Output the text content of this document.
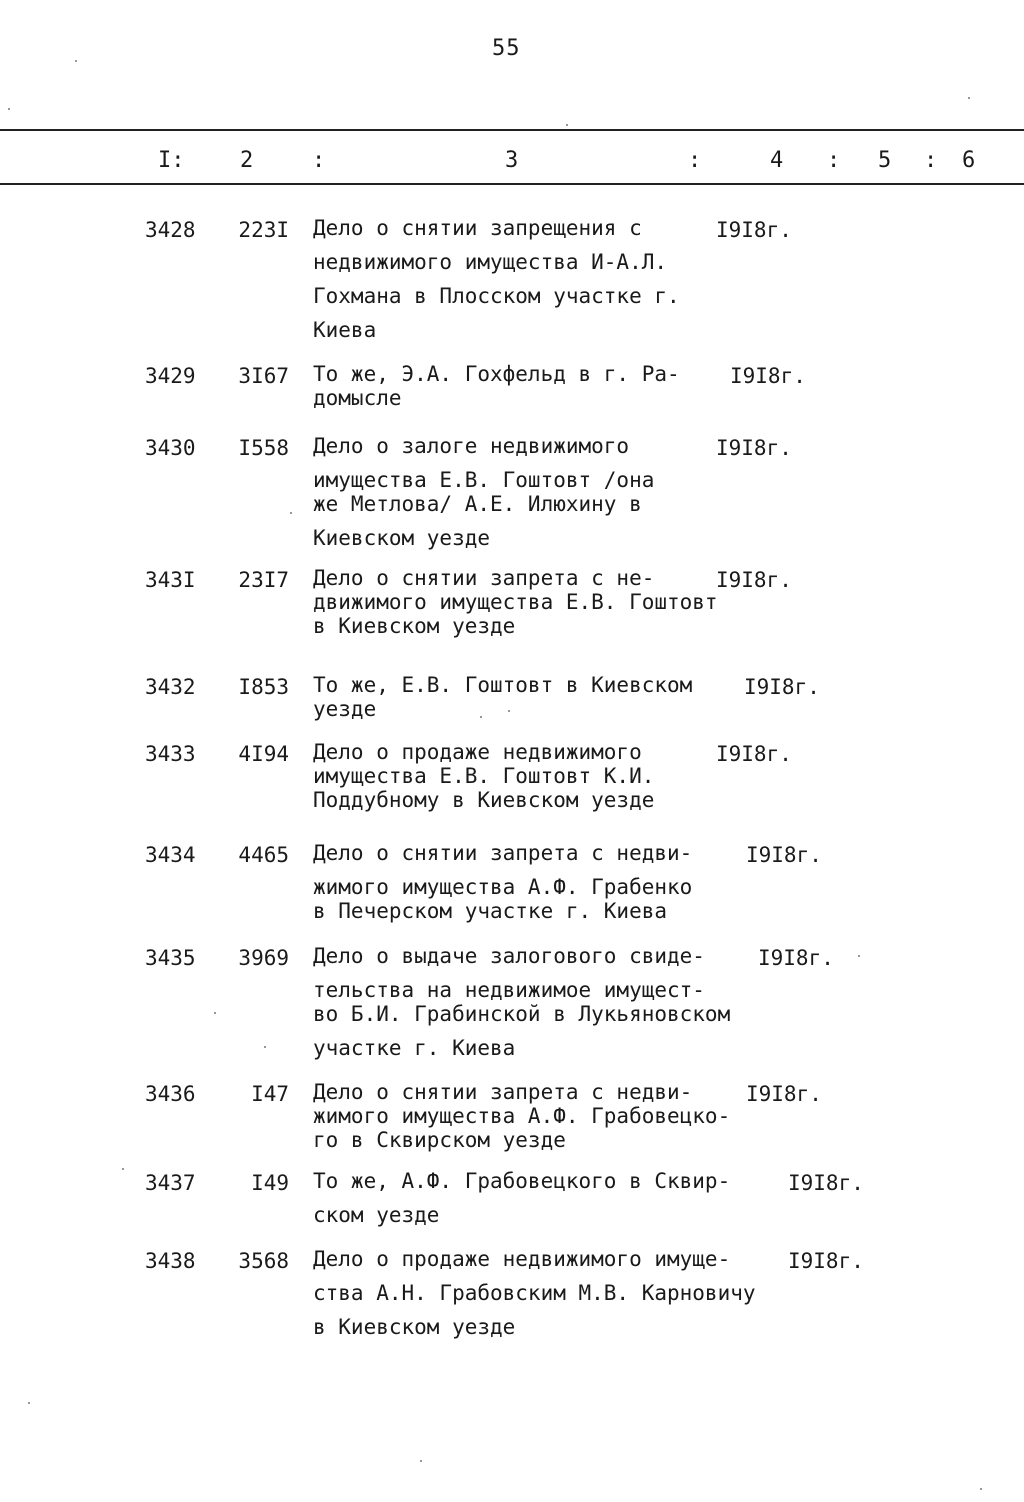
55
I:	2	:	3	:	4 : 5 : 6
3428	223I Дело о снятии запрещения с
недвижимого имущества И-А.Л.
Гохмана в Плосском участке г.
Киева
I9I8г.
3429	3I67 То же, Э.А. Гохфельд в г. Ра-
домысле
I9I8г.
3430	I558 Дело о залоге недвижимого
имущества Е.В. Гоштовт /она
же Метлова/ А.Е. Илюхину в
Киевском уезде
I9I8г.
343I	23I7 Дело о снятии запрета с не-
движимого имущества Е.В. Гоштовт
в Киевском уезде
I9I8г.
3432	I853 То же, Е.В. Гоштовт в Киевском
уезде
I9I8г.
3433	4I94 Дело о продаже недвижимого
имущества Е.В. Гоштовт К.И.
Поддубному в Киевском уезде
I9I8г.
3434	4465 Дело о снятии запрета с недви-
жимого имущества А.Ф. Грабенко
в Печерском участке г. Киева
I9I8г.
3435	3969 Дело о выдаче залогового свиде-
тельства на недвижимое имущест-
во Б.И. Грабинской в Лукьяновском
участке г. Киева
I9I8г.
3436	I47 Дело о снятии запрета с недви-
жимого имущества А.Ф. Грабовецко-
го в Сквирском уезде
I9I8г.
3437	I49 То же, А.Ф. Грабовецкого в Сквир-
ском уезде
I9I8г.
3438	3568 Дело о продаже недвижимого имуще-
ства А.Н. Грабовским М.В. Карновичу
в Киевском уезде
I9I8г.
